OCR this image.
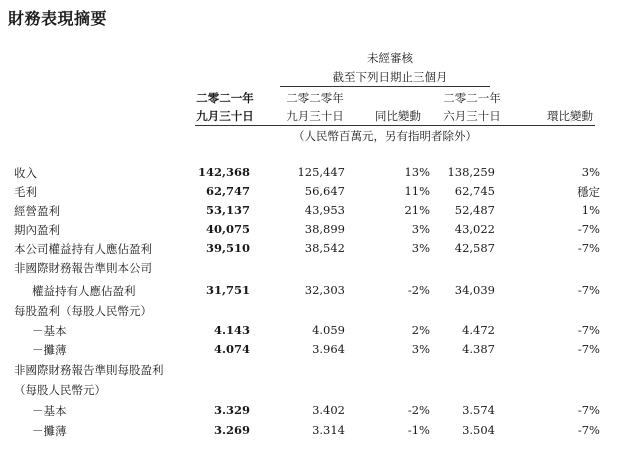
財務表現摘要
未經審核
截至下列日期止三個月
二零二一年
九月三十日
二零二零年
九月三十日	同比變動
二零二一年
六月三十日	環比變動
（人民幣百萬元，另有指明者除外）
收入	142,368	125,447	13% 138,259	3%
毛利	62,747	56,647	11% 62,745	穩定
經營盈利	53,137	43,953	21% 52,487	1%
期內盈利	40,075	38,899	3% 43,022	-7%
本公司權益持有人應佔盈利	39,510	38,542	3% 42,587	-7%
非國際財務報告準則本公司
權益持有人應佔盈利	31,751	32,303	-2% 34,039	-7%
每股盈利（每股人民幣元）
－基本	4.143	4.059	2%	4.472	-7%
－攤薄	4.074	3.964	3%	4.387	-7%
非國際財務報告準則每股盈利
（每股人民幣元）
－基本	3.329	3.402	-2%	3.574	-7%
－攤薄	3.269	3.314	-1%	3.504	-7%
